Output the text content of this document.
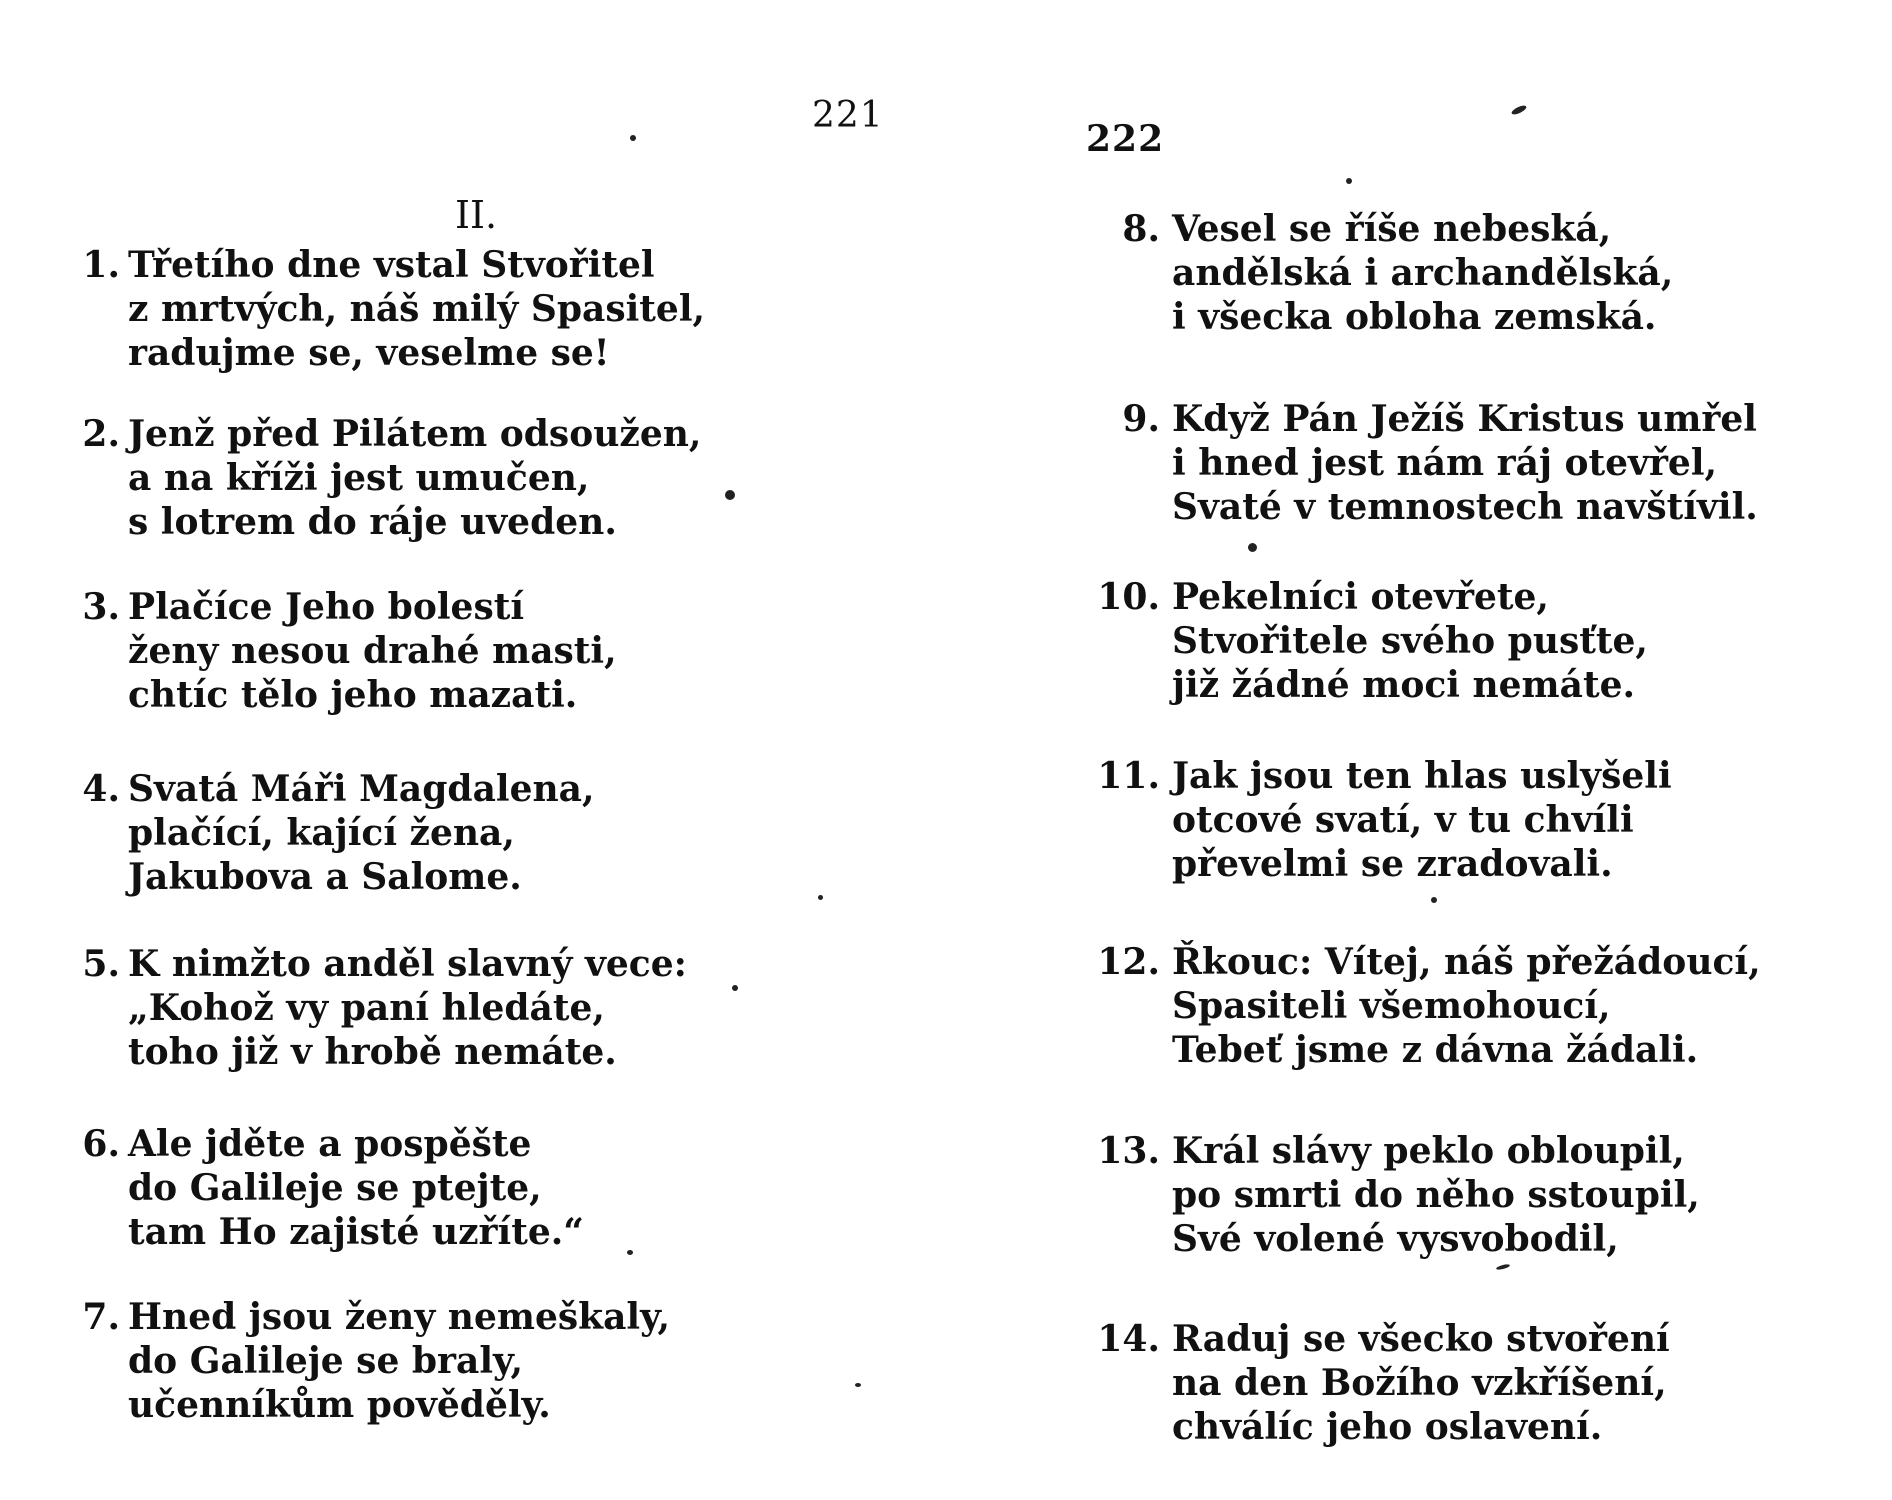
221
II.
1. Třetího dne vstal Stvořitel
z mrtvých, náš milý Spasitel,
radujme se, veselme se!
2. Jenž před Pilátem odsoužen,
a na kříži jest umučen,
s lotrem do ráje uveden.
3. Plačíce Jeho bolestí
ženy nesou drahé masti,
chtíc tělo jeho mazati.
4. Svatá Máři Magdalena,
plačící, kající žena,
Jakubova a Salome.
5. K nimžto anděl slavný vece:
„Kohož vy paní hledáte,
toho již v hrobě nemáte.
6. Ale jděte a pospěšte
do Galileje se ptejte,
tam Ho zajisté uzříte.“
7. Hned jsou ženy nemeškaly,
do Galileje se braly,
učenníkům pověděly.
222
8. Vesel se říše nebeská,
andělská i archandělská,
i všecka obloha zemská.
9. Když Pán Ježíš Kristus umřel
i hned jest nám ráj otevřel,
Svaté v temnostech navštívil.
10. Pekelníci otevřete,
Stvořitele svého pusťte,
již žádné moci nemáte.
11. Jak jsou ten hlas uslyšeli
otcové svatí, v tu chvíli
převelmi se zradovali.
12. Řkouc: Vítej, náš přežádoucí,
Spasiteli všemohoucí,
Tebeť jsme z dávna žádali.
13. Král slávy peklo obloupil,
po smrti do něho sstoupil,
Své volené vysvobodil,
14. Raduj se všecko stvoření
na den Božího vzkříšení,
chválíc jeho oslavení.
